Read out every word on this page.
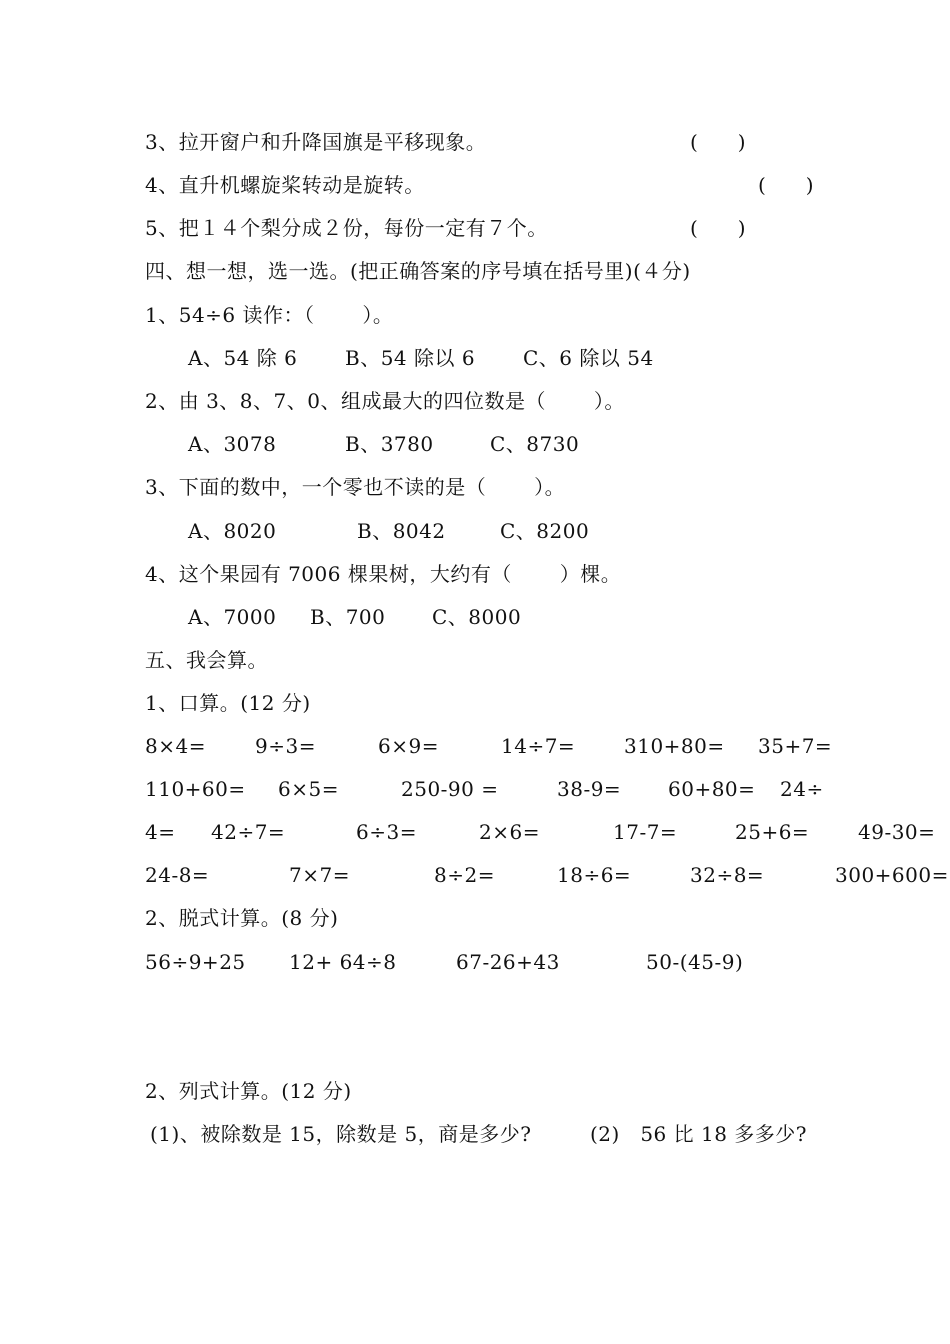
3、拉开窗户和升降国旗是平移现象。	(　　)
4、直升机螺旋桨转动是旋转。	(　　)
5、把１４个梨分成２份，每份一定有７个。	(　　)
四、想一想，选一选。(把正确答案的序号填在括号里)(４分)
1、54÷6 读作：（　　 ）。
A、54 除 6 B、54 除以 6 C、6 除以 54
2、由 3、8、7、0、组成最大的四位数是（　　 ）。
A、3078	B、3780	C、8730
3、下面的数中，一个零也不读的是（　　 ）。
A、8020	B、8042	C、8200
4、这个果园有 7006 棵果树，大约有（　　 ）棵。
A、7000 B、700 C、8000
五、我会算。
1、口算。(12 分)
8×4= 9÷3=	6×9=	14÷7= 310+80= 35+7=
110+60= 6×5=	250-90 =	38-9= 60+80= 24÷
4= 42÷7=	6÷3=	2×6=	17-7=	25+6= 49-30=
24-8=	7×7=	8÷2=	18÷6=	32÷8=	300+600=
2、脱式计算。(8 分)
56÷9+25 12+ 64÷8	67-26+43	50-(45-9)
2、列式计算。(12 分)
(1)、被除数是 15，除数是 5，商是多少?	(2)　56 比 18 多多少?
